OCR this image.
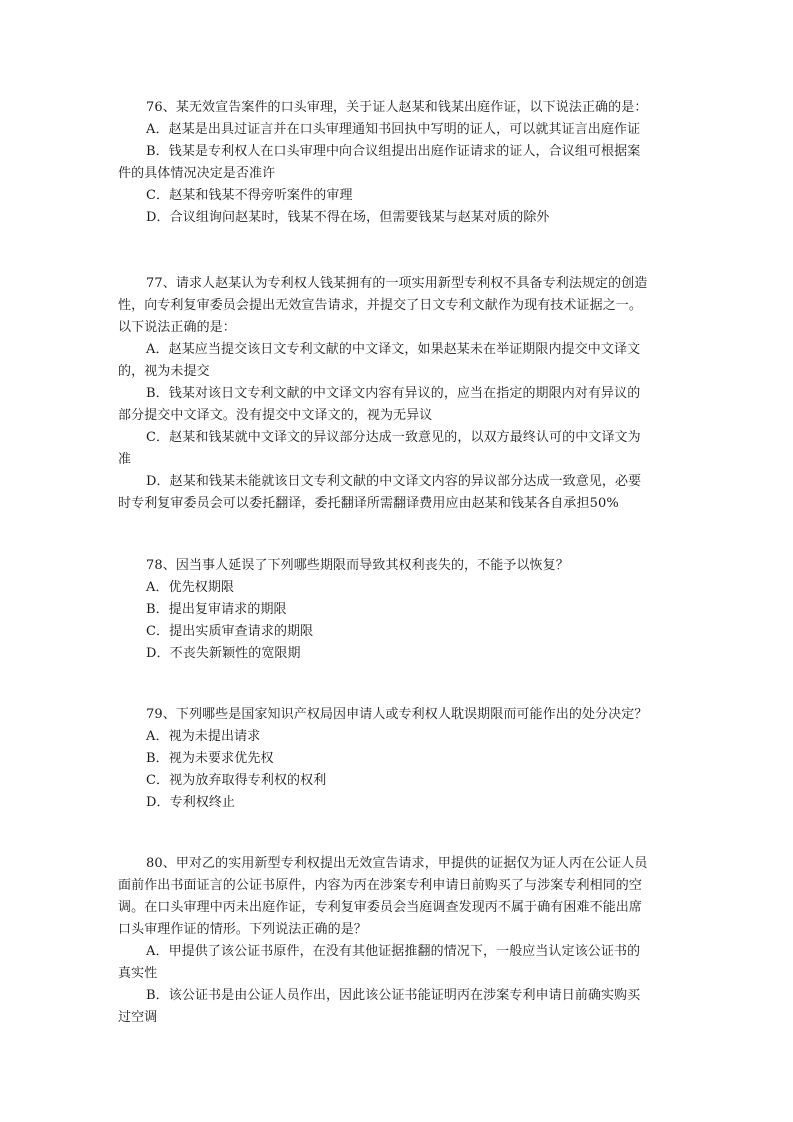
76、某无效宣告案件的口头审理，关于证人赵某和钱某出庭作证，以下说法正确的是：
A．赵某是出具过证言并在口头审理通知书回执中写明的证人，可以就其证言出庭作证
B．钱某是专利权人在口头审理中向合议组提出出庭作证请求的证人，合议组可根据案
件的具体情况决定是否准许
C．赵某和钱某不得旁听案件的审理
D．合议组询问赵某时，钱某不得在场，但需要钱某与赵某对质的除外
77、请求人赵某认为专利权人钱某拥有的一项实用新型专利权不具备专利法规定的创造
性，向专利复审委员会提出无效宣告请求，并提交了日文专利文献作为现有技术证据之一。
以下说法正确的是：
A．赵某应当提交该日文专利文献的中文译文，如果赵某未在举证期限内提交中文译文
的，视为未提交
B．钱某对该日文专利文献的中文译文内容有异议的，应当在指定的期限内对有异议的
部分提交中文译文。没有提交中文译文的，视为无异议
C．赵某和钱某就中文译文的异议部分达成一致意见的，以双方最终认可的中文译文为
准
D．赵某和钱某未能就该日文专利文献的中文译文内容的异议部分达成一致意见，必要
时专利复审委员会可以委托翻译，委托翻译所需翻译费用应由赵某和钱某各自承担50%
78、因当事人延误了下列哪些期限而导致其权利丧失的，不能予以恢复？
A．优先权期限
B．提出复审请求的期限
C．提出实质审查请求的期限
D．不丧失新颖性的宽限期
79、下列哪些是国家知识产权局因申请人或专利权人耽误期限而可能作出的处分决定？
A．视为未提出请求
B．视为未要求优先权
C．视为放弃取得专利权的权利
D．专利权终止
80、甲对乙的实用新型专利权提出无效宣告请求，甲提供的证据仅为证人丙在公证人员
面前作出书面证言的公证书原件，内容为丙在涉案专利申请日前购买了与涉案专利相同的空
调。在口头审理中丙未出庭作证，专利复审委员会当庭调查发现丙不属于确有困难不能出席
口头审理作证的情形。下列说法正确的是？
A．甲提供了该公证书原件，在没有其他证据推翻的情况下，一般应当认定该公证书的
真实性
B．该公证书是由公证人员作出，因此该公证书能证明丙在涉案专利申请日前确实购买
过空调
